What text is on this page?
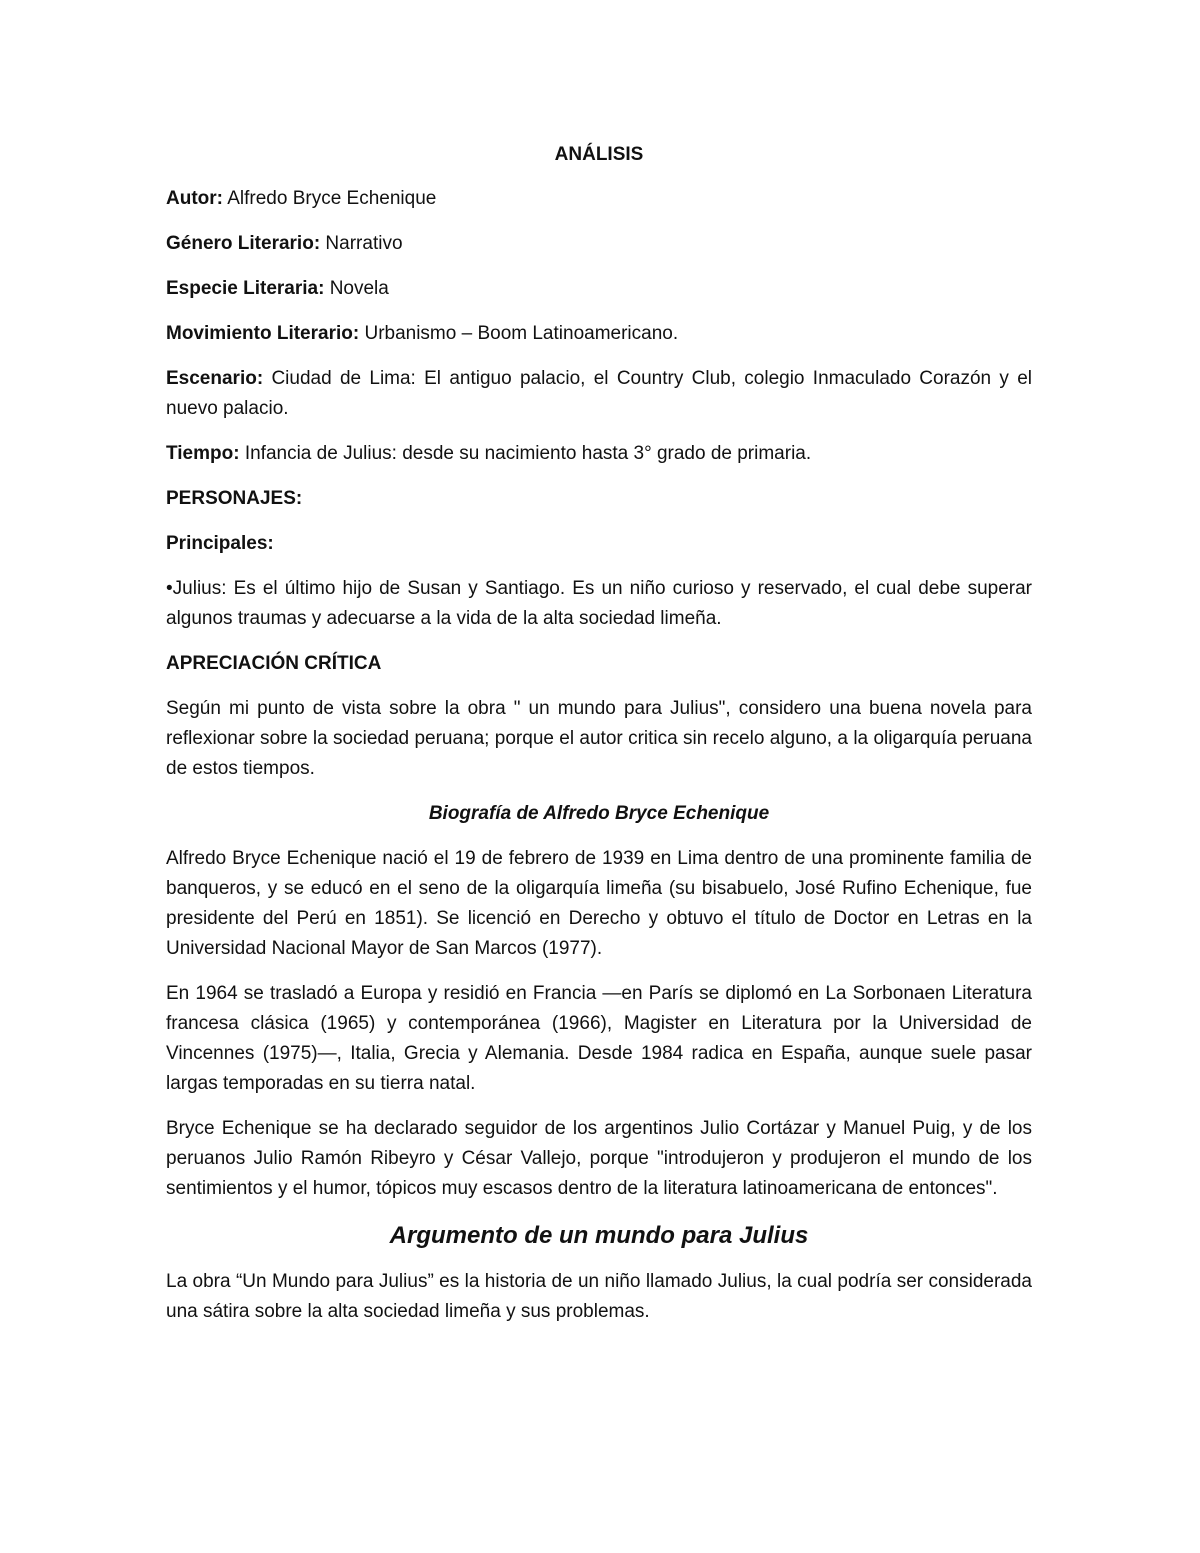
ANÁLISIS
Autor: Alfredo Bryce Echenique
Género Literario: Narrativo
Especie Literaria: Novela
Movimiento Literario: Urbanismo – Boom Latinoamericano.
Escenario: Ciudad de Lima: El antiguo palacio, el Country Club, colegio Inmaculado Corazón y el nuevo palacio.
Tiempo: Infancia de Julius: desde su nacimiento hasta 3° grado de primaria.
PERSONAJES:
Principales:
•Julius: Es el último hijo de Susan y Santiago. Es un niño curioso y reservado, el cual debe superar algunos traumas y adecuarse a la vida de la alta sociedad limeña.
APRECIACIÓN CRÍTICA
Según mi punto de vista sobre la obra " un mundo para Julius", considero una buena novela para reflexionar sobre la sociedad peruana; porque el autor critica sin recelo alguno, a la oligarquía peruana de estos tiempos.
Biografía de Alfredo Bryce Echenique
Alfredo Bryce Echenique nació el 19 de febrero de 1939 en Lima dentro de una prominente familia de banqueros, y se educó en el seno de la oligarquía limeña (su bisabuelo, José Rufino Echenique, fue presidente del Perú en 1851). Se licenció en Derecho y obtuvo el título de Doctor en Letras en la Universidad Nacional Mayor de San Marcos (1977).
En 1964 se trasladó a Europa y residió en Francia —en París se diplomó en La Sorbonaen Literatura francesa clásica (1965) y contemporánea (1966), Magister en Literatura por la Universidad de Vincennes (1975)—, Italia, Grecia y Alemania. Desde 1984 radica en España, aunque suele pasar largas temporadas en su tierra natal.
Bryce Echenique se ha declarado seguidor de los argentinos Julio Cortázar y Manuel Puig, y de los peruanos Julio Ramón Ribeyro y César Vallejo, porque "introdujeron y produjeron el mundo de los sentimientos y el humor, tópicos muy escasos dentro de la literatura latinoamericana de entonces".
Argumento de un mundo para Julius
La obra “Un Mundo para Julius” es la historia de un niño llamado Julius, la cual podría ser considerada una sátira sobre la alta sociedad limeña y sus problemas.
